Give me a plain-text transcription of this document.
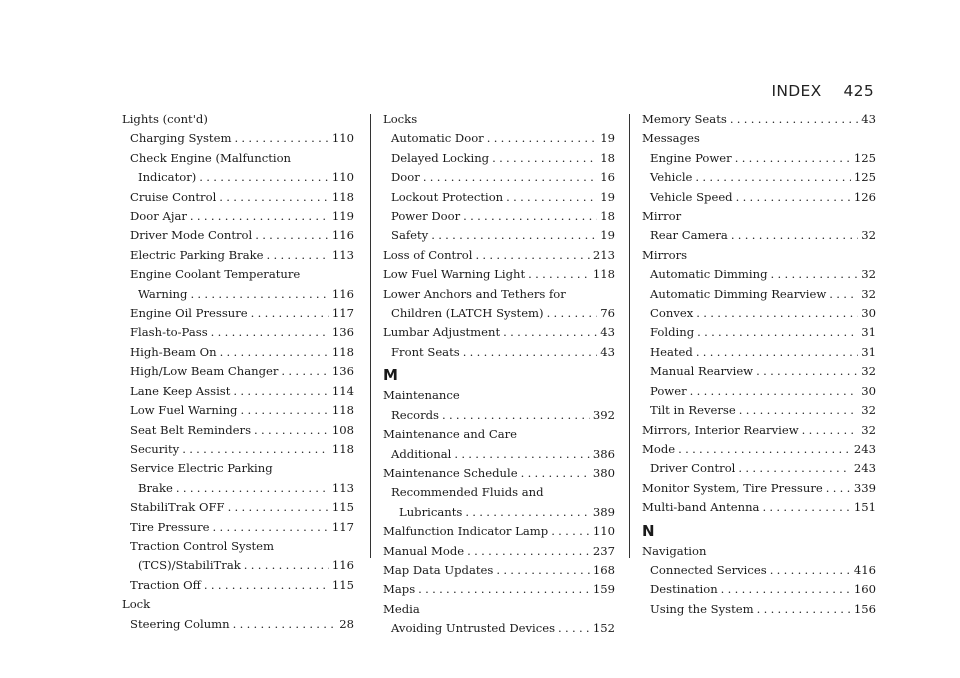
INDEX 425
Lights (cont'd)
Charging System . . .	110
Check Engine (Malfunction
Indicator) . . .	110
Cruise Control . . .	118
Door Ajar . . .	119
Driver Mode Control . . .	116
Electric Parking Brake . . .	113
Engine Coolant Temperature
Warning . . .	116
Engine Oil Pressure . . .	117
Flash-to-Pass . . .	136
High-Beam On . . .	118
High/Low Beam Changer . . .	136
Lane Keep Assist . . .	114
Low Fuel Warning . . .	118
Seat Belt Reminders . . .	108
Security . . .	118
Service Electric Parking
Brake . . .	113
StabiliTrak OFF . . .	115
Tire Pressure . . .	117
Traction Control System
(TCS)/StabiliTrak . . .	116
Traction Off . . .	115
Lock
Steering Column . . .	28
Locks
Automatic Door . . .	19
Delayed Locking . . .	18
Door . . .	16
Lockout Protection . . .	19
Power Door . . .	18
Safety . . .	19
Loss of Control . . .	213
Low Fuel Warning Light . . .	118
Lower Anchors and Tethers for
Children (LATCH System) . . .	76
Lumbar Adjustment . . .	43
Front Seats . . .	43
M
Maintenance
Records . . .	392
Maintenance and Care
Additional . . .	386
Maintenance Schedule . . .	380
Recommended Fluids and
Lubricants . . .	389
Malfunction Indicator Lamp . . .	110
Manual Mode . . .	237
Map Data Updates . . .	168
Maps . . .	159
Media
Avoiding Untrusted Devices . . .	152
Memory Seats . . .	43
Messages
Engine Power . . .	125
Vehicle . . .	125
Vehicle Speed . . .	126
Mirror
Rear Camera . . .	32
Mirrors
Automatic Dimming . . .	32
Automatic Dimming Rearview . . .	32
Convex . . .	30
Folding . . .	31
Heated . . .	31
Manual Rearview . . .	32
Power . . .	30
Tilt in Reverse . . .	32
Mirrors, Interior Rearview . . .	32
Mode . . .	243
Driver Control . . .	243
Monitor System, Tire Pressure . . .	339
Multi-band Antenna . . .	151
N
Navigation
Connected Services . . .	416
Destination . . .	160
Using the System . . .	156
